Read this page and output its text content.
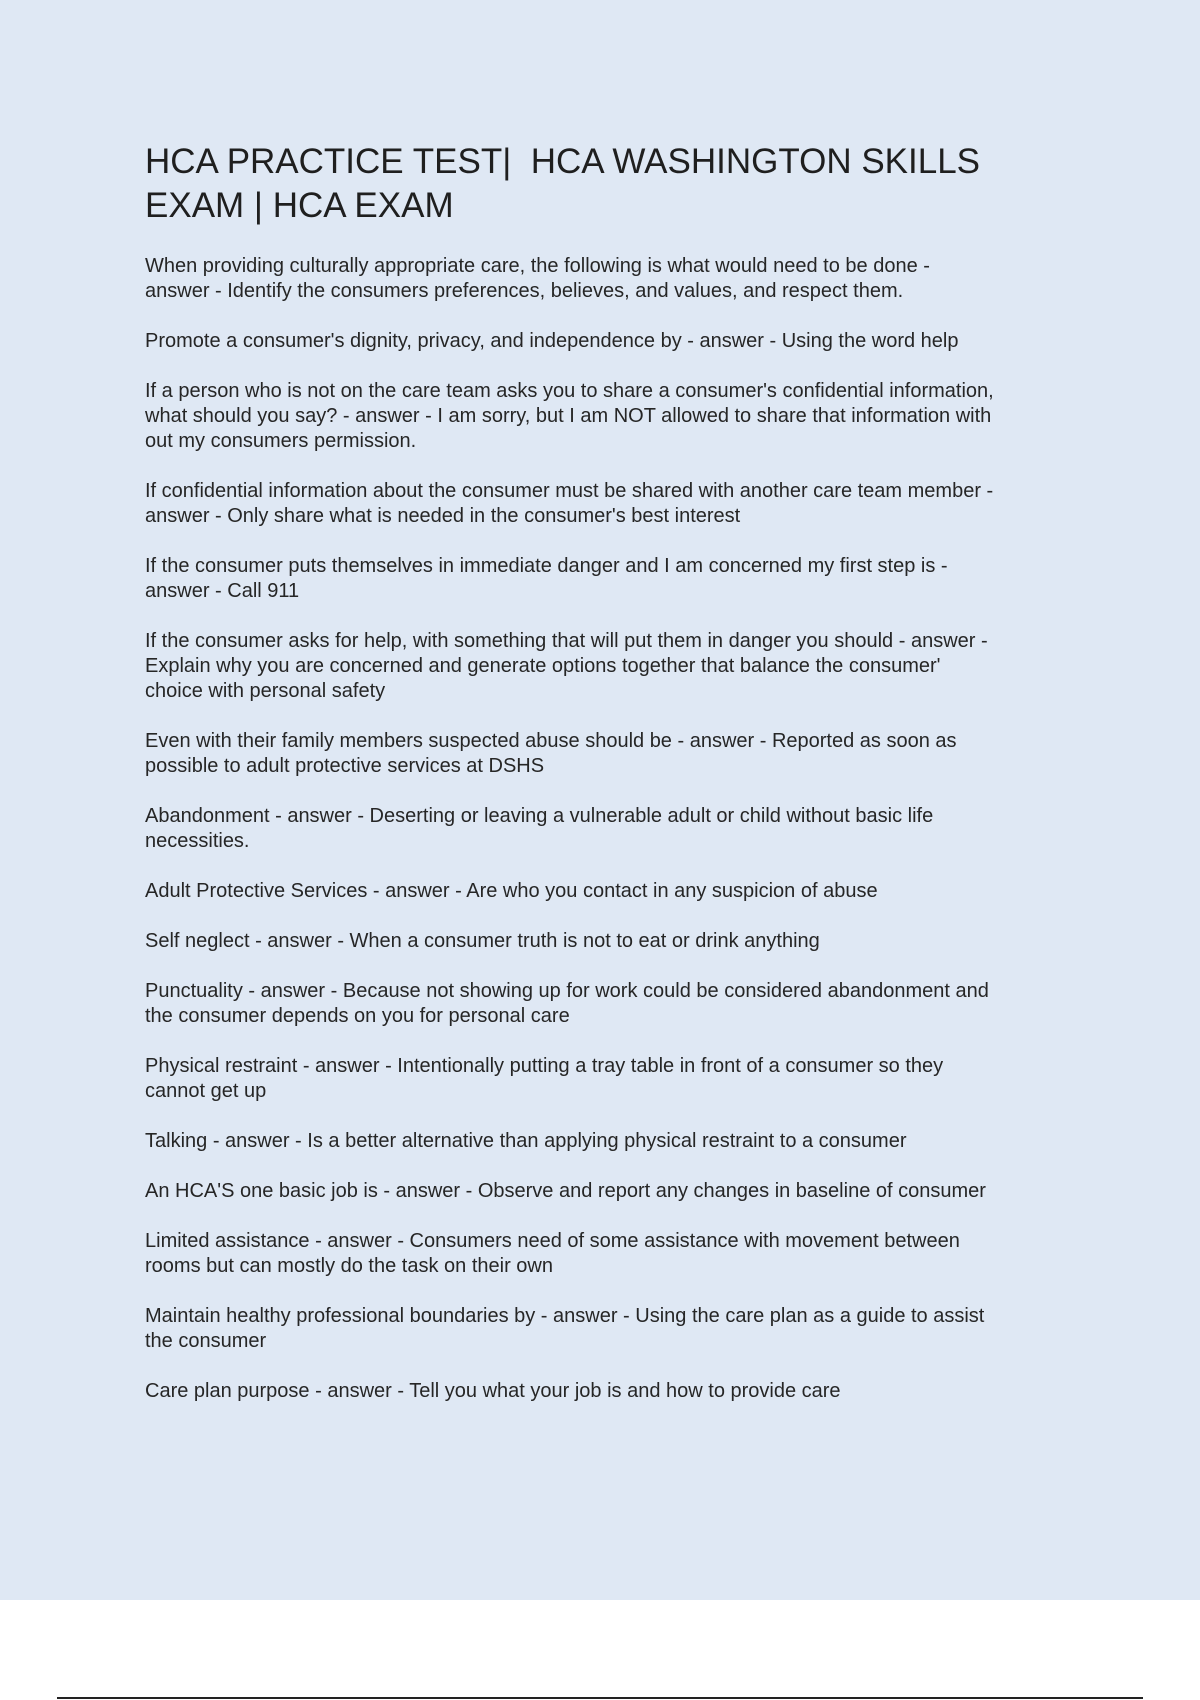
HCA PRACTICE TEST|  HCA WASHINGTON SKILLS
EXAM | HCA EXAM
When providing culturally appropriate care, the following is what would need to be done -
answer - Identify the consumers preferences, believes, and values, and respect them.
Promote a consumer's dignity, privacy, and independence by - answer - Using the word help
If a person who is not on the care team asks you to share a consumer's confidential information,
what should you say? - answer - I am sorry, but I am NOT allowed to share that information with
out my consumers permission.
If confidential information about the consumer must be shared with another care team member -
answer - Only share what is needed in the consumer's best interest
If the consumer puts themselves in immediate danger and I am concerned my first step is -
answer - Call 911
If the consumer asks for help, with something that will put them in danger you should - answer -
Explain why you are concerned and generate options together that balance the consumer'
choice with personal safety
Even with their family members suspected abuse should be - answer - Reported as soon as
possible to adult protective services at DSHS
Abandonment - answer - Deserting or leaving a vulnerable adult or child without basic life
necessities.
Adult Protective Services - answer - Are who you contact in any suspicion of abuse
Self neglect - answer - When a consumer truth is not to eat or drink anything
Punctuality - answer - Because not showing up for work could be considered abandonment and
the consumer depends on you for personal care
Physical restraint - answer - Intentionally putting a tray table in front of a consumer so they
cannot get up
Talking - answer - Is a better alternative than applying physical restraint to a consumer
An HCA'S one basic job is - answer - Observe and report any changes in baseline of consumer
Limited assistance - answer - Consumers need of some assistance with movement between
rooms but can mostly do the task on their own
Maintain healthy professional boundaries by - answer - Using the care plan as a guide to assist
the consumer
Care plan purpose - answer - Tell you what your job is and how to provide care
